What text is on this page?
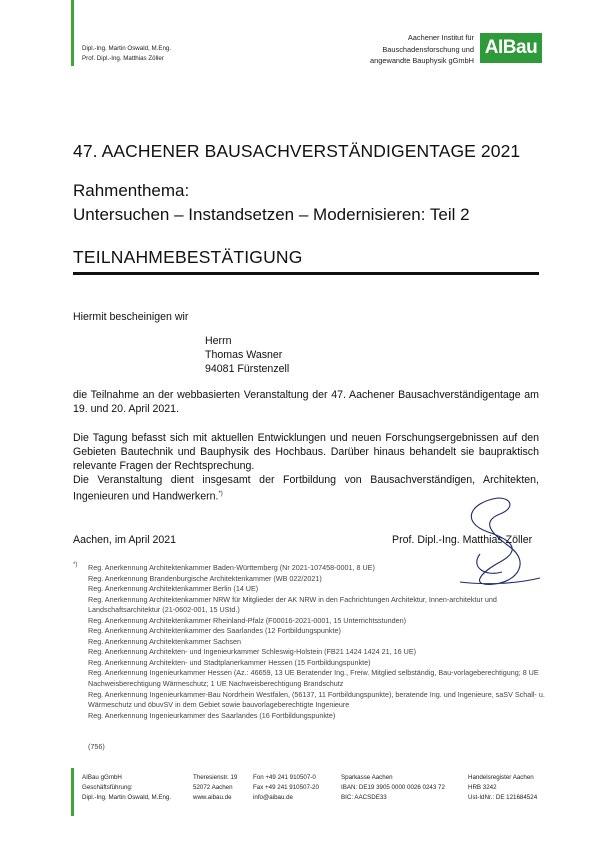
Dipl.-Ing. Martin Oswald, M.Eng.
Prof. Dipl.-Ing. Matthias Zöller
Aachener Institut für
Bauschadensforschung und
angewandte Bauphysik gGmbH
AIBau
47. AACHENER BAUSACHVERSTÄNDIGENTAGE 2021
Rahmenthema:
Untersuchen – Instandsetzen – Modernisieren: Teil 2
TEILNAHMEBESTÄTIGUNG
Hiermit bescheinigen wir
Herrn
Thomas Wasner
94081 Fürstenzell
die Teilnahme an der webbasierten Veranstaltung der 47. Aachener Bausachverständigentage am 19. und 20. April 2021.
Die Tagung befasst sich mit aktuellen Entwicklungen und neuen Forschungsergebnissen auf den Gebieten Bautechnik und Bauphysik des Hochbaus. Darüber hinaus behandelt sie baupraktisch relevante Fragen der Rechtsprechung.
Die Veranstaltung dient insgesamt der Fortbildung von Bausachverständigen, Architekten, Ingenieuren und Handwerkern.*)
Aachen, im April 2021	Prof. Dipl.-Ing. Matthias Zöller
*) Reg. Anerkennung Architektenkammer Baden-Württemberg (Nr 2021-107458-0001, 8 UE)
Reg. Anerkennung Brandenburgische Architektenkammer (WB 022/2021)
Reg. Anerkennung Architektenkammer Berlin (14 UE)
Reg. Anerkennung Architektenkammer NRW für Mitglieder der AK NRW in den Fachrichtungen Architektur, Innen-architektur und Landschaftsarchitektur (21-0602-001, 15 UStd.)
Reg. Anerkennung Architektenkammer Rheinland-Pfalz (F00016-2021-0001, 15 Unterrichtsstunden)
Reg. Anerkennung Architektenkammer des Saarlandes (12 Fortbildungspunkte)
Reg. Anerkennung Architektenkammer Sachsen
Reg. Anerkennung Architekten- und Ingenieurkammer Schleswig-Holstein (FB21 1424 1424 21, 16 UE)
Reg. Anerkennung Architekten- und Stadtplanerkammer Hessen (15 Fortbildungspunkte)
Reg. Anerkennung Ingenieurkammer Hessen (Az.: 46659, 13 UE Beratender Ing., Freiw. Mitglied selbständig, Bau-vorlageberechtigung; 8 UE Nachweisberechtigung Wärmeschutz; 1 UE Nachweisberechtigung Brandschutz
Reg. Anerkennung Ingenieurkammer-Bau Nordrhein Westfalen, (56137, 11 Fortbildungspunkte), beratende Ing. und Ingenieure, saSV Schall- u. Wärmeschutz und öbuvSV in dem Gebiet sowie bauvorlageberechtigte Ingenieure
Reg. Anerkennung Ingenieurkammer des Saarlandes (16 Fortbildungspunkte)
(756)
AIBau gGmbH
Geschäftsführung:
Dipl.-Ing. Martin Oswald, M.Eng.
Theresienstr. 19
52072 Aachen
www.aibau.de
Fon +49 241 910507-0
Fax +49 241 910507-20
info@aibau.de
Sparkasse Aachen
IBAN: DE19 3905 0000 0026 0243 72
BIC: AACSDE33
Handelsregister Aachen
HRB 3242
Ust-IdNr.: DE 121684524
